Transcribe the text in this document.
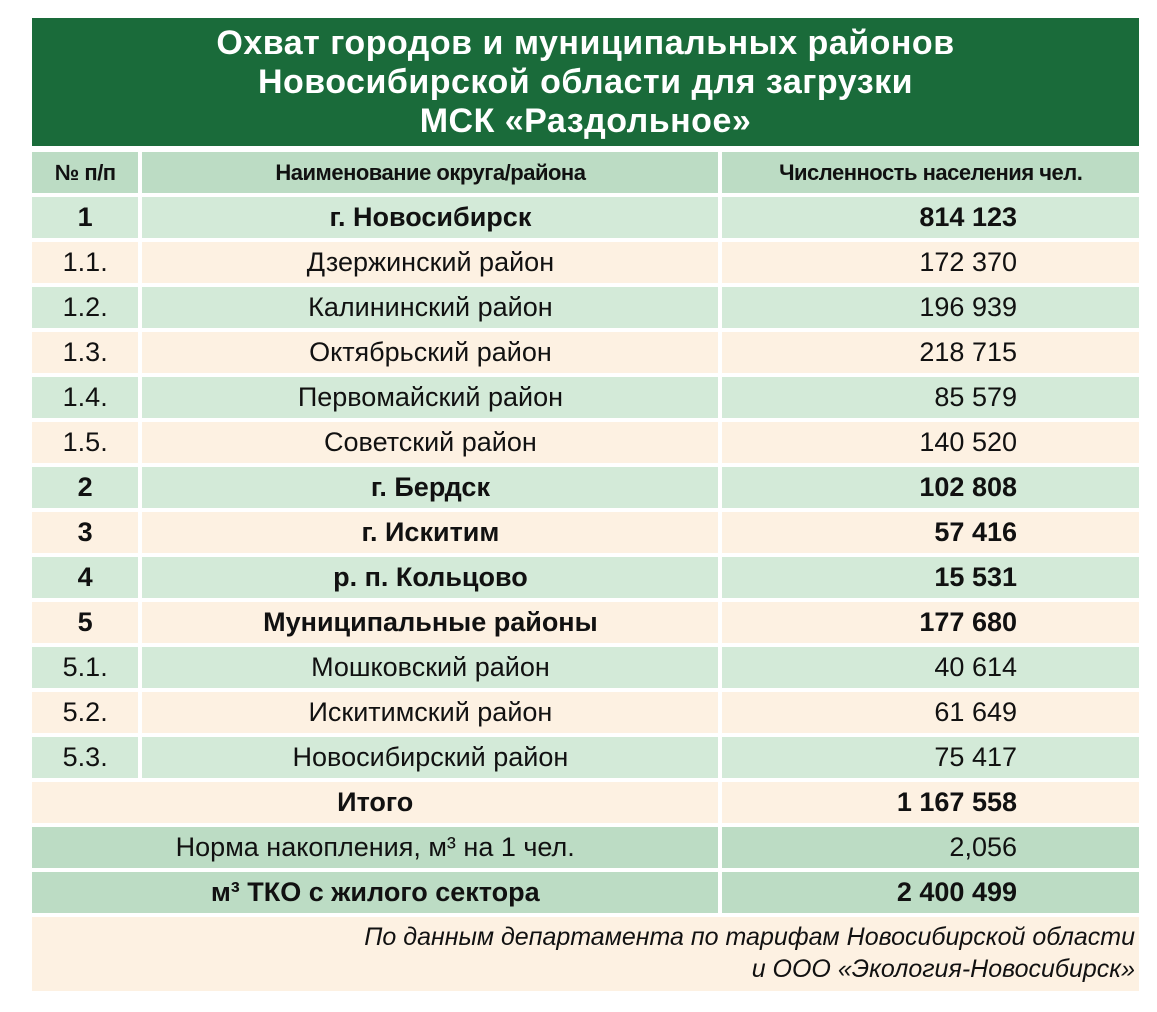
Охват городов и муниципальных районов
Новосибирской области для загрузки
МСК «Раздольное»
№ п/п	Наименование округа/района	Численность населения чел.
1	г. Новосибирск	814 123
1.1.	Дзержинский район	172 370
1.2.	Калининский район	196 939
1.3.	Октябрьский район	218 715
1.4.	Первомайский район	85 579
1.5.	Советский район	140 520
2	г. Бердск	102 808
3	г. Искитим	57 416
4	р. п. Кольцово	15 531
5	Муниципальные районы	177 680
5.1.	Мошковский район	40 614
5.2.	Искитимский район	61 649
5.3.	Новосибирский район	75 417
Итого		1 167 558
Норма накопления, м³ на 1 чел.		2,056
м³ ТКО с жилого сектора		2 400 499
По данным департамента по тарифам Новосибирской области
и ООО «Экология-Новосибирск»
